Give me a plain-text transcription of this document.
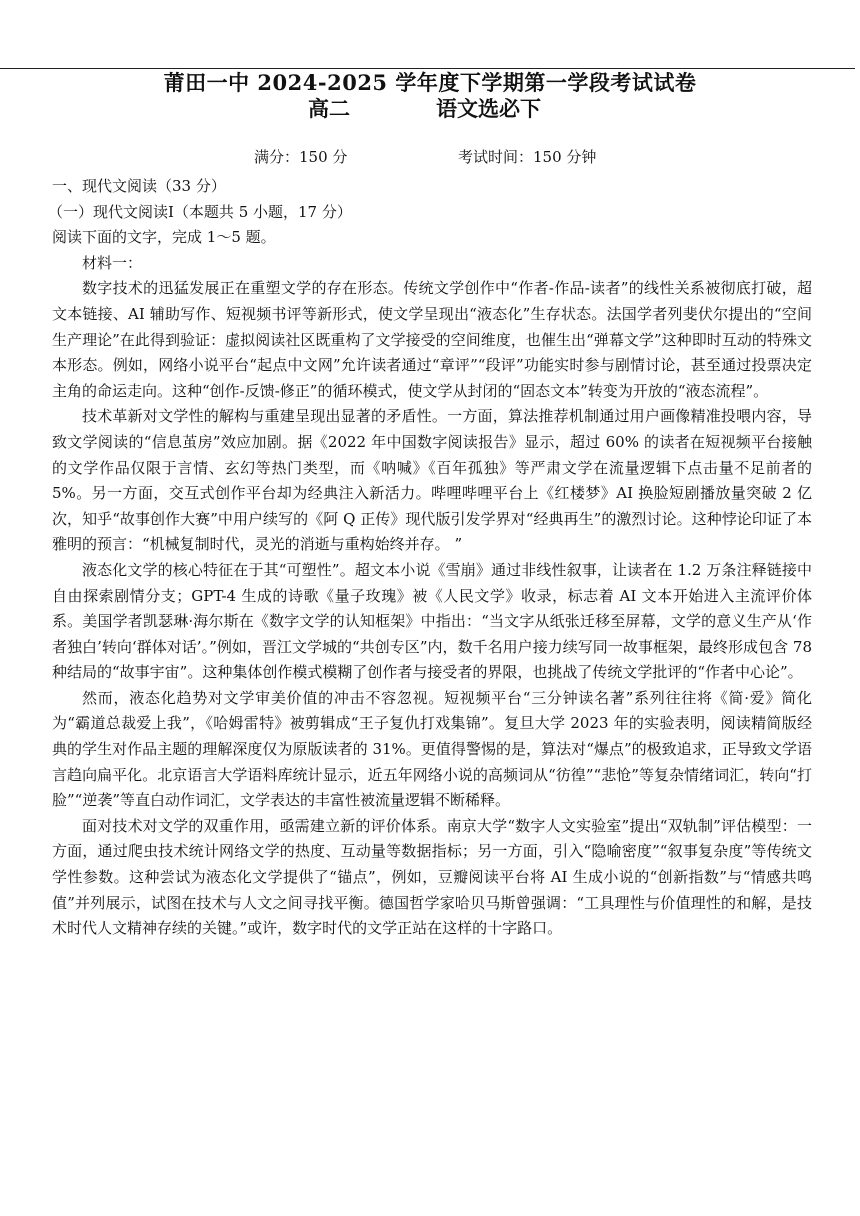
莆田一中 2024-2025 学年度下学期第一学段考试试卷
高二	语文选必下
满分：150 分	考试时间：150 分钟

一、现代文阅读（33 分）

（一）现代文阅读Ⅰ（本题共 5 小题，17 分）

阅读下面的文字，完成 1～5 题。

材料一：

数字技术的迅猛发展正在重塑文学的存在形态。传统文学创作中“作者-作品-读者”的线性关系被彻底打破，超文本链接、AI 辅助写作、短视频书评等新形式，使文学呈现出“液态化”生存状态。法国学者列斐伏尔提出的“空间生产理论”在此得到验证：虚拟阅读社区既重构了文学接受的空间维度，也催生出“弹幕文学”这种即时互动的特殊文本形态。例如，网络小说平台“起点中文网”允许读者通过“章评”“段评”功能实时参与剧情讨论，甚至通过投票决定主角的命运走向。这种“创作-反馈-修正”的循环模式，使文学从封闭的“固态文本”转变为开放的“液态流程”。

技术革新对文学性的解构与重建呈现出显著的矛盾性。一方面，算法推荐机制通过用户画像精准投喂内容，导致文学阅读的“信息茧房”效应加剧。据《2022 年中国数字阅读报告》显示，超过 60% 的读者在短视频平台接触的文学作品仅限于言情、玄幻等热门类型，而《呐喊》《百年孤独》等严肃文学在流量逻辑下点击量不足前者的 5%。另一方面，交互式创作平台却为经典注入新活力。哔哩哔哩平台上《红楼梦》AI 换脸短剧播放量突破 2 亿次，知乎“故事创作大赛”中用户续写的《阿 Q 正传》现代版引发学界对“经典再生”的激烈讨论。这种悖论印证了本雅明的预言：“机械复制时代，灵光的消逝与重构始终并存。 ”

液态化文学的核心特征在于其“可塑性”。超文本小说《雪崩》通过非线性叙事，让读者在 1.2 万条注释链接中自由探索剧情分支；GPT-4 生成的诗歌《量子玫瑰》被《人民文学》收录，标志着 AI 文本开始进入主流评价体系。美国学者凯瑟琳·海尔斯在《数字文学的认知框架》中指出：“当文字从纸张迁移至屏幕，文学的意义生产从‘作者独白’转向‘群体对话’。”例如，晋江文学城的“共创专区”内，数千名用户接力续写同一故事框架，最终形成包含 78 种结局的“故事宇宙”。这种集体创作模式模糊了创作者与接受者的界限，也挑战了传统文学批评的“作者中心论”。

然而，液态化趋势对文学审美价值的冲击不容忽视。短视频平台“三分钟读名著”系列往往将《简·爱》简化为“霸道总裁爱上我”，《哈姆雷特》被剪辑成“王子复仇打戏集锦”。复旦大学 2023 年的实验表明，阅读精简版经典的学生对作品主题的理解深度仅为原版读者的 31%。更值得警惕的是，算法对“爆点”的极致追求，正导致文学语言趋向扁平化。北京语言大学语料库统计显示，近五年网络小说的高频词从“彷徨”“悲怆”等复杂情绪词汇，转向“打脸”“逆袭”等直白动作词汇，文学表达的丰富性被流量逻辑不断稀释。

面对技术对文学的双重作用，亟需建立新的评价体系。南京大学“数字人文实验室”提出“双轨制”评估模型：一方面，通过爬虫技术统计网络文学的热度、互动量等数据指标；另一方面，引入“隐喻密度”“叙事复杂度”等传统文学性参数。这种尝试为液态化文学提供了“锚点”，例如，豆瓣阅读平台将 AI 生成小说的“创新指数”与“情感共鸣值”并列展示，试图在技术与人文之间寻找平衡。德国哲学家哈贝马斯曾强调：“工具理性与价值理性的和解，是技术时代人文精神存续的关键。”或许，数字时代的文学正站在这样的十字路口。
